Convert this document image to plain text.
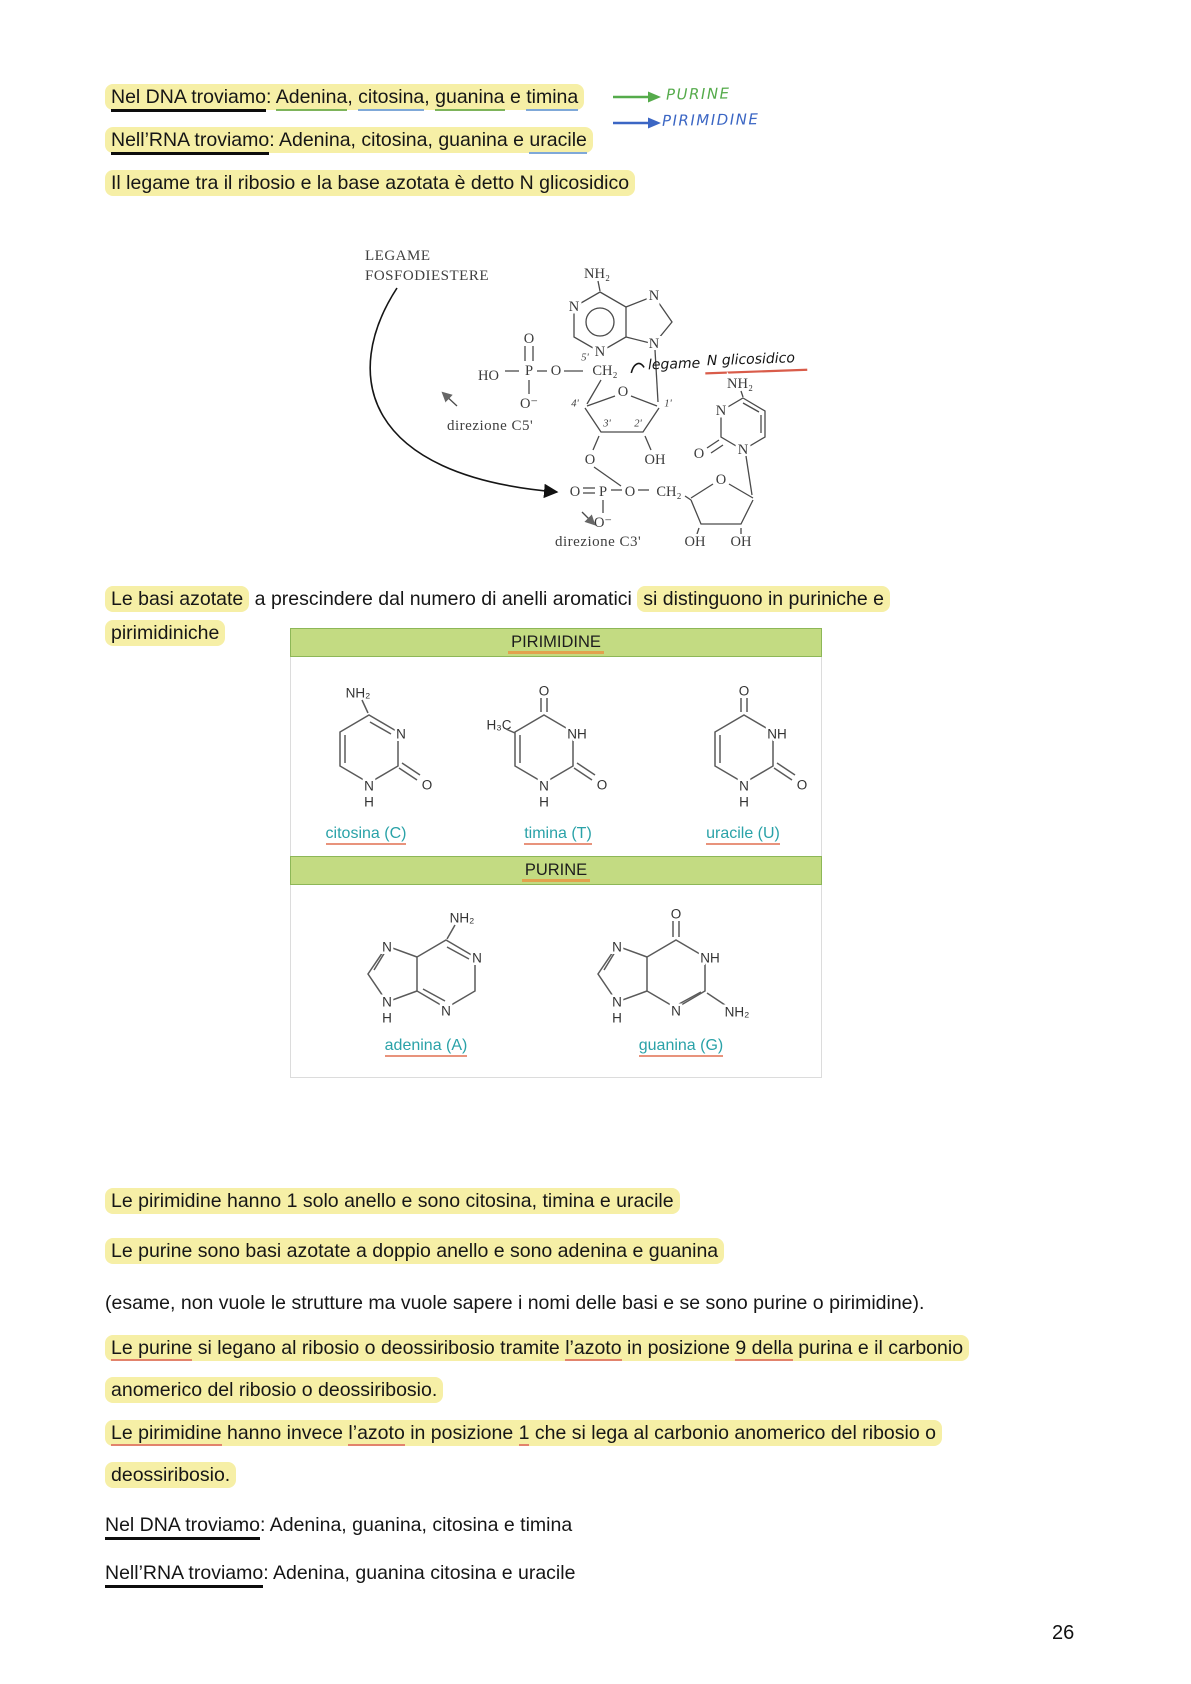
Nel DNA troviamo: Adenina, citosina, guanina e timina	PURINE
PIRIMIDINE
Nell’RNA troviamo: Adenina, citosina, guanina e uracile
Il legame tra il ribosio e la base azotata è detto N glicosidico
LEGAME
FOSFODIESTERE	NH₂
N
N
N
N
legame N glicosidico
HO P
O
O⁻
O
5'
CH₂
direzione C5'
O
4'	1'
3' 2'
O	OH
O P O CH₂
O⁻
direzione C3'
O
OH OH
NH₂
N
O N
Le basi azotate a prescindere dal numero di anelli aromatici si distinguono in puriniche e
pirimidiniche	PIRIMIDINE
NH₂
N
O
N
H
O
H₃C
NH
O
N
H
O
NH
O
N
H
citosina (C)	timina (T)	uracile (U)
PURINE
NH₂
N
N
N
N
H
O
NH
NH₂
N
N
N
H
adenina (A)	guanina (G)
Le pirimidine hanno 1 solo anello e sono citosina, timina e uracile
Le purine sono basi azotate a doppio anello e sono adenina e guanina
(esame, non vuole le strutture ma vuole sapere i nomi delle basi e se sono purine o pirimidine).
Le purine si legano al ribosio o deossiribosio tramite l’azoto in posizione 9 della purina e il carbonio
anomerico del ribosio o deossiribosio.
Le pirimidine hanno invece l’azoto in posizione 1 che si lega al carbonio anomerico del ribosio o
deossiribosio.
Nel DNA troviamo: Adenina, guanina, citosina e timina
Nell’RNA troviamo: Adenina, guanina citosina e uracile
26
